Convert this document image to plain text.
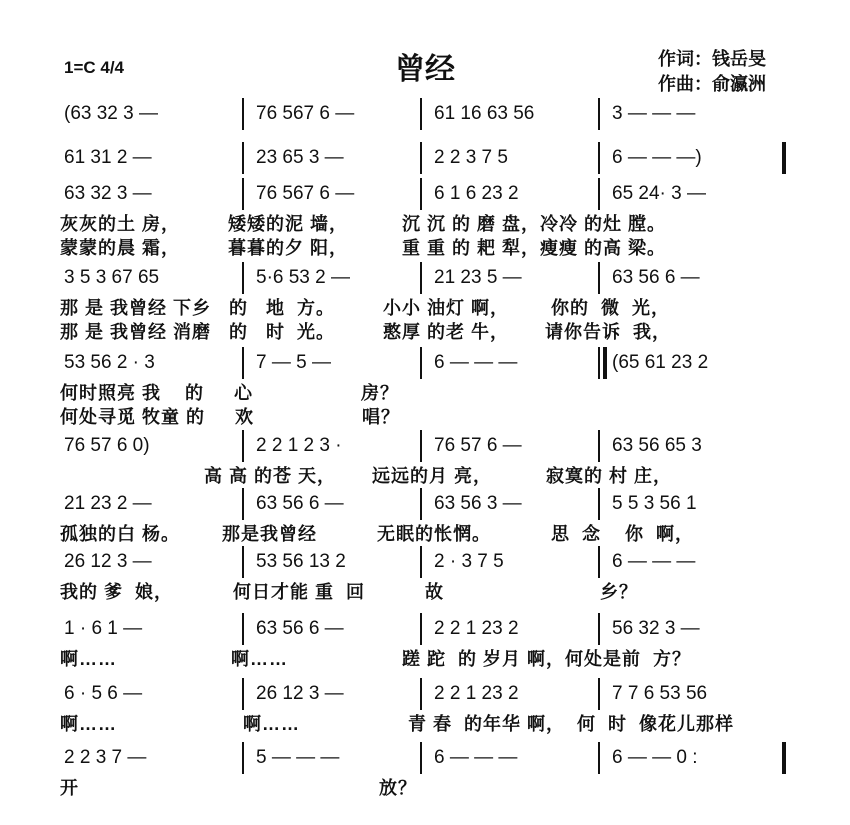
1=C 4/4	曾经	作词：钱岳旻
作曲：俞瀛洲
(63 32 3 —	76 567 6 —	61 16 63 56	3 — — —
61 31 2 —	23 65 3 —	2 2 3 7 5	6 — — —)
63 32 3 —	76 567 6 —	6 1 6 23 2	65 24· 3 —
灰灰的土 房，        矮矮的泥 墙，         沉 沉 的 磨 盘，冷冷 的灶 膛。
蒙蒙的晨 霜，        暮暮的夕 阳，         重 重 的 耙 犁，瘦瘦 的高 梁。
3 5 3 67 65	5·6 53 2 —	21 23 5 —	63 56 6 —
那 是 我曾经 下乡   的   地  方。        小小 油灯 啊，       你的  微  光，
那 是 我曾经 消磨   的   时  光。        憨厚 的老 牛，      请你告诉  我，
53 56 2 · 3	7 — 5 —	6 — — —	(65 61 23 2
何时照亮 我    的     心                  房？
何处寻觅 牧童 的     欢                  唱？
76 57 6 0)	2 2 1 2 3 ·	76 57 6 —	63 56 65 3
高 高 的苍 天，      远远的月 亮，         寂寞的 村 庄，
21 23 2 —	63 56 6 —	63 56 3 —	5 5 3 56 1
孤独的白 杨。       那是我曾经          无眠的怅惘。          思  念    你  啊，
26 12 3 —	53 56 13 2	2 · 3 7 5	6 — — —
我的 爹  娘，          何日才能 重  回          故                          乡？
1 · 6 1 —	63 56 6 —	2 2 1 23 2	56 32 3 —
啊……                   啊……                   蹉 跎  的 岁月 啊，何处是前  方？
6 · 5 6 —	26 12 3 —	2 2 1 23 2	7 7 6 53 56
啊……                     啊……                  青 春  的年华 啊，  何  时  像花儿那样
2 2 3 7 —	5 — — —	6 — — —	6 — — 0 :
开                                                  放？
